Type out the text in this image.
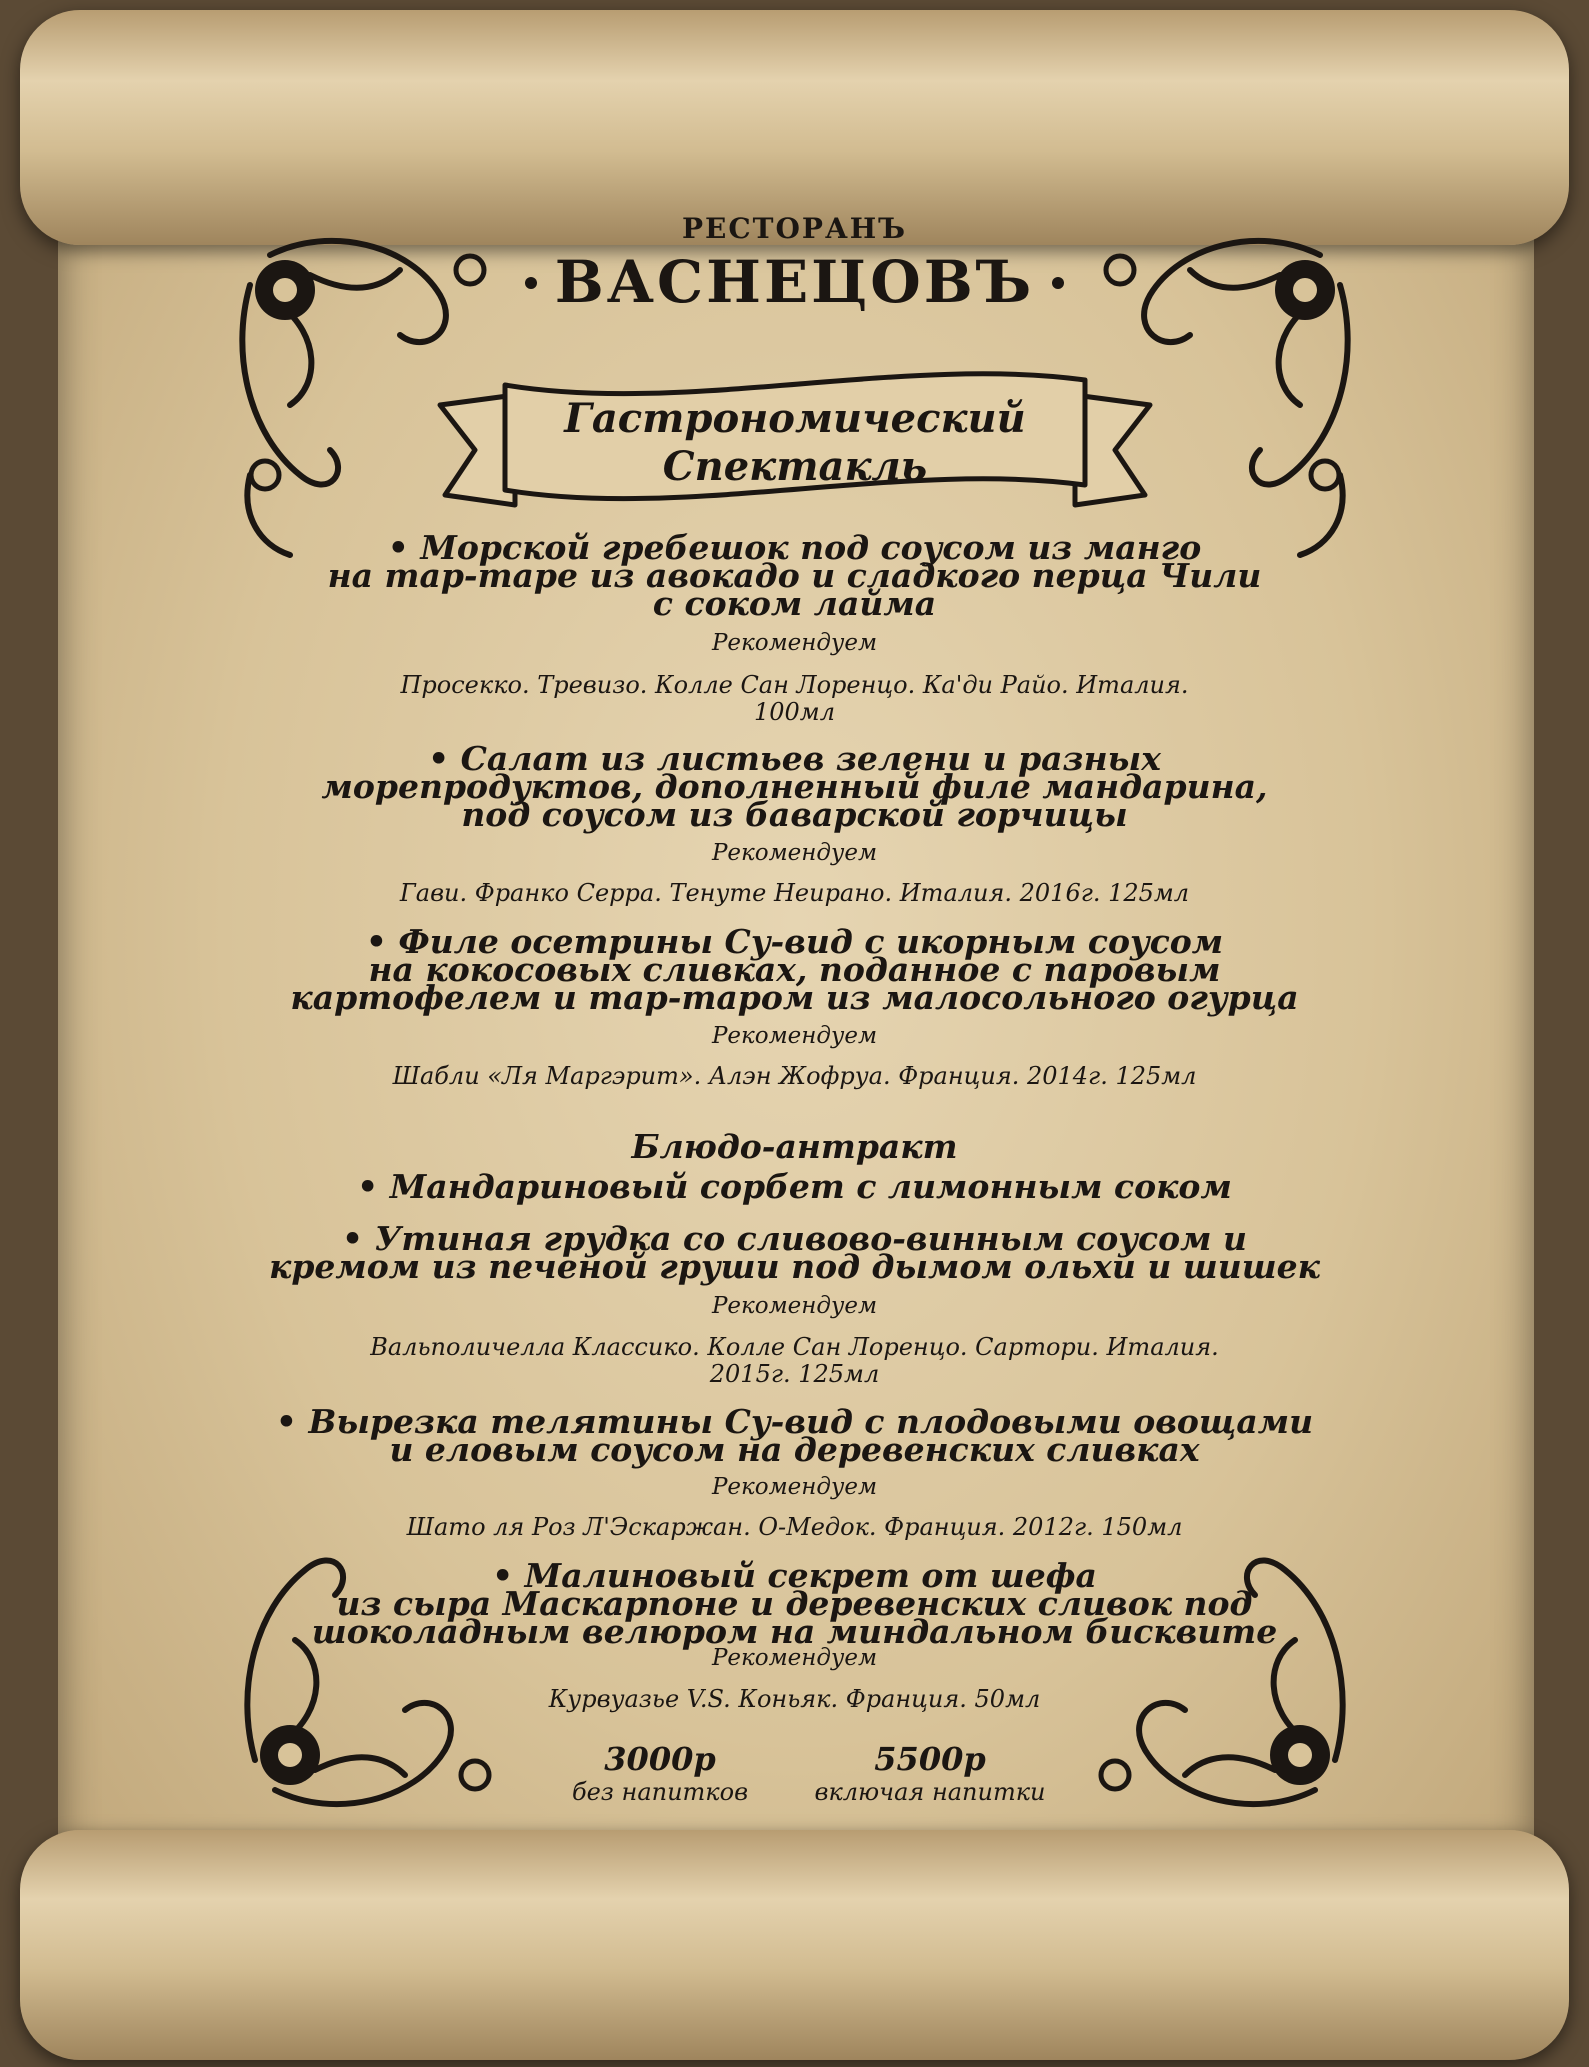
РЕСТОРАНЪ
ВАСНЕЦОВЪ
Гастрономический
Спектакль
• Морской гребешок под соусом из манго
на тар-таре из авокадо и сладкого перца Чили
с соком лайма
Рекомендуем
Просекко. Тревизо. Колле Сан Лоренцо. Ка'ди Райо. Италия.
100мл
• Салат из листьев зелени и разных
морепродуктов, дополненный филе мандарина,
под соусом из баварской горчицы
Рекомендуем
Гави. Франко Серра. Тенуте Неирано. Италия. 2016г. 125мл
• Филе осетрины Су-вид с икорным соусом
на кокосовых сливках, поданное с паровым
картофелем и тар-таром из малосольного огурца
Рекомендуем
Шабли «Ля Маргэрит». Алэн Жофруа. Франция. 2014г. 125мл
Блюдо-антракт
• Мандариновый сорбет с лимонным соком
• Утиная грудка со сливово-винным соусом и
кремом из печеной груши под дымом ольхи и шишек
Рекомендуем
Вальполичелла Классико. Колле Сан Лоренцо. Сартори. Италия.
2015г. 125мл
• Вырезка телятины Су-вид с плодовыми овощами
и еловым соусом на деревенских сливках
Рекомендуем
Шато ля Роз Л'Эскаржан. О-Медок. Франция. 2012г. 150мл
• Малиновый секрет от шефа
из сыра Маскарпоне и деревенских сливок под
шоколадным велюром на миндальном бисквите
Рекомендуем
Курвуазье V.S. Коньяк. Франция. 50мл
3000р
без напитков
5500р
включая напитки
